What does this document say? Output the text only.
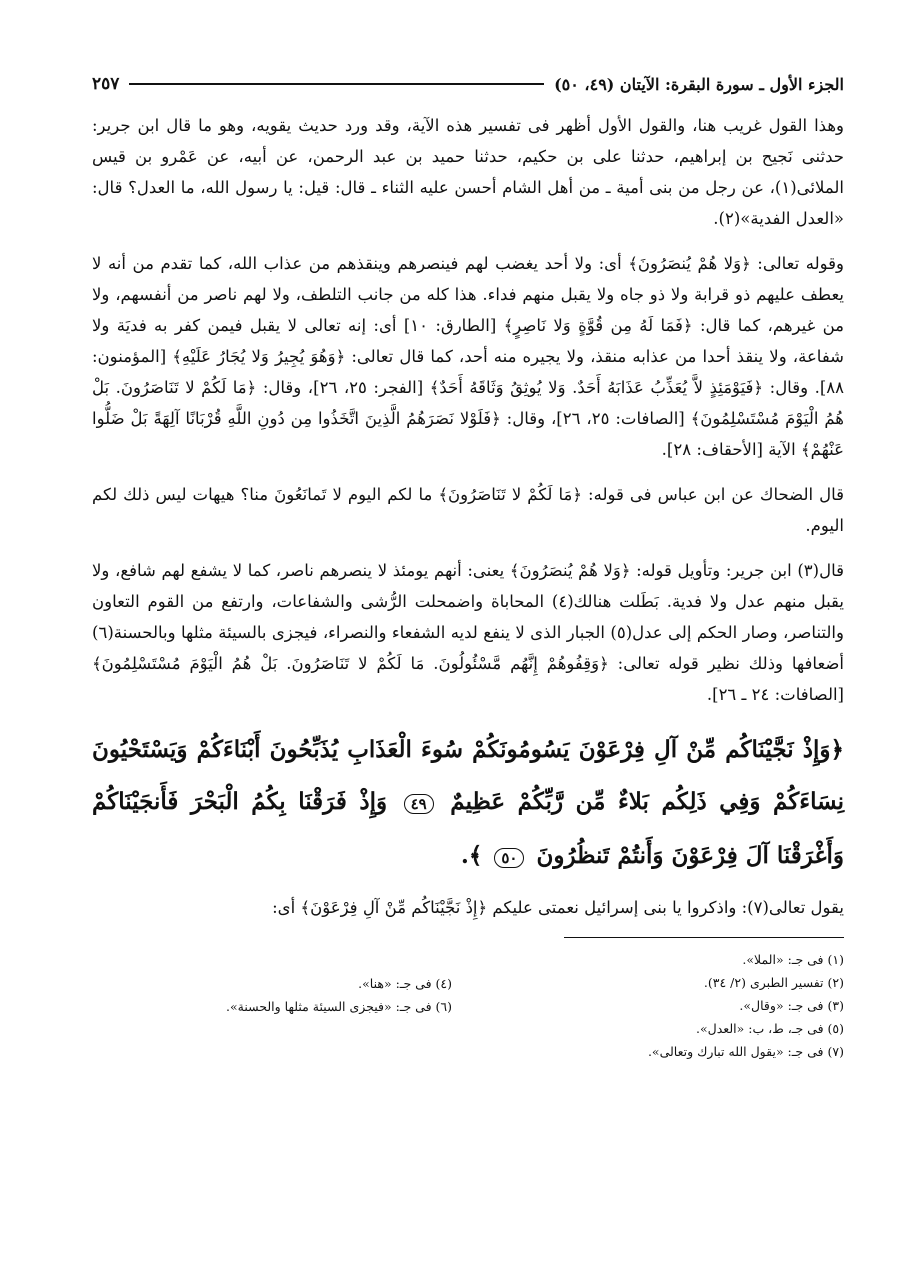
الجزء الأول ـ سورة البقرة: الآيتان (٤٩، ٥٠)
٢٥٧

وهذا القول غريب هنا، والقول الأول أظهر فى تفسير هذه الآية، وقد ورد حديث يقويه، وهو ما قال ابن جرير: حدثنى نَجيح بن إبراهيم، حدثنا على بن حكيم، حدثنا حميد بن عبد الرحمن، عن أبيه، عن عَمْرو بن قيس الملائى(١)، عن رجل من بنى أمية ـ من أهل الشام أحسن عليه الثناء ـ قال: قيل: يا رسول الله، ما العدل؟ قال: «العدل الفدية»(٢).

وقوله تعالى: ﴿وَلا هُمْ يُنصَرُونَ﴾ أى: ولا أحد يغضب لهم فينصرهم وينقذهم من عذاب الله، كما تقدم من أنه لا يعطف عليهم ذو قرابة ولا ذو جاه ولا يقبل منهم فداء. هذا كله من جانب التلطف، ولا لهم ناصر من أنفسهم، ولا من غيرهم، كما قال: ﴿فَمَا لَهُ مِن قُوَّةٍ وَلا نَاصِرٍ﴾ [الطارق: ١٠] أى: إنه تعالى لا يقبل فيمن كفر به فديَة ولا شفاعة، ولا ينقذ أحدا من عذابه منقذ، ولا يجيره منه أحد، كما قال تعالى: ﴿وَهُوَ يُجِيرُ وَلا يُجَارُ عَلَيْهِ﴾ [المؤمنون: ٨٨]. وقال: ﴿فَيَوْمَئِذٍ لاَّ يُعَذِّبُ عَذَابَهُ أَحَدٌ. وَلا يُوثِقُ وَثَاقَهُ أَحَدٌ﴾ [الفجر: ٢٥، ٢٦]، وقال: ﴿مَا لَكُمْ لا تَنَاصَرُونَ. بَلْ هُمُ الْيَوْمَ مُسْتَسْلِمُونَ﴾ [الصافات: ٢٥، ٢٦]، وقال: ﴿فَلَوْلا نَصَرَهُمُ الَّذِينَ اتَّخَذُوا مِن دُونِ اللَّهِ قُرْبَانًا آلِهَةً بَلْ ضَلُّوا عَنْهُمْ﴾ الآية [الأحقاف: ٢٨].

قال الضحاك عن ابن عباس فى قوله: ﴿مَا لَكُمْ لا تَنَاصَرُونَ﴾ ما لكم اليوم لا تَمانَعُونَ منا؟ هيهات ليس ذلك لكم اليوم.

قال(٣) ابن جرير: وتأويل قوله: ﴿وَلا هُمْ يُنصَرُونَ﴾ يعنى: أنهم يومئذ لا ينصرهم ناصر، كما لا يشفع لهم شافع، ولا يقبل منهم عدل ولا فدية. بَطَلت هنالك(٤) المحاباة واضمحلت الرُّشى والشفاعات، وارتفع من القوم التعاون والتناصر، وصار الحكم إلى عدل(٥) الجبار الذى لا ينفع لديه الشفعاء والنصراء، فيجزى بالسيئة مثلها وبالحسنة(٦) أضعافها وذلك نظير قوله تعالى: ﴿وَقِفُوهُمْ إِنَّهُم مَّسْئُولُونَ. مَا لَكُمْ لا تَنَاصَرُونَ. بَلْ هُمُ الْيَوْمَ مُسْتَسْلِمُونَ﴾ [الصافات: ٢٤ ـ ٢٦].

﴿وَإِذْ نَجَّيْنَاكُم مِّنْ آلِ فِرْعَوْنَ يَسُومُونَكُمْ سُوءَ الْعَذَابِ يُذَبِّحُونَ أَبْنَاءَكُمْ وَيَسْتَحْيُونَ نِسَاءَكُمْ وَفِي ذَلِكُم بَلاءٌ مِّن رَّبِّكُمْ عَظِيمٌ ٤٩ وَإِذْ فَرَقْنَا بِكُمُ الْبَحْرَ فَأَنجَيْنَاكُمْ وَأَغْرَقْنَا آلَ فِرْعَوْنَ وَأَنتُمْ تَنظُرُونَ ٥٠ ﴾.

يقول تعالى(٧): واذكروا يا بنى إسرائيل نعمتى عليكم ﴿إِذْ نَجَّيْنَاكُم مِّنْ آلِ فِرْعَوْنَ﴾ أى:

(١) فى جـ: «الملا».
(٢) تفسير الطبرى (٢/ ٣٤).
(٣) فى جـ: «وقال».
(٥) فى جـ، ط، ب: «العدل».
(٧) فى جـ: «يقول الله تبارك وتعالى».
(٤) فى جـ: «هنا».
(٦) فى جـ: «فيجزى السيئة مثلها والحسنة».
